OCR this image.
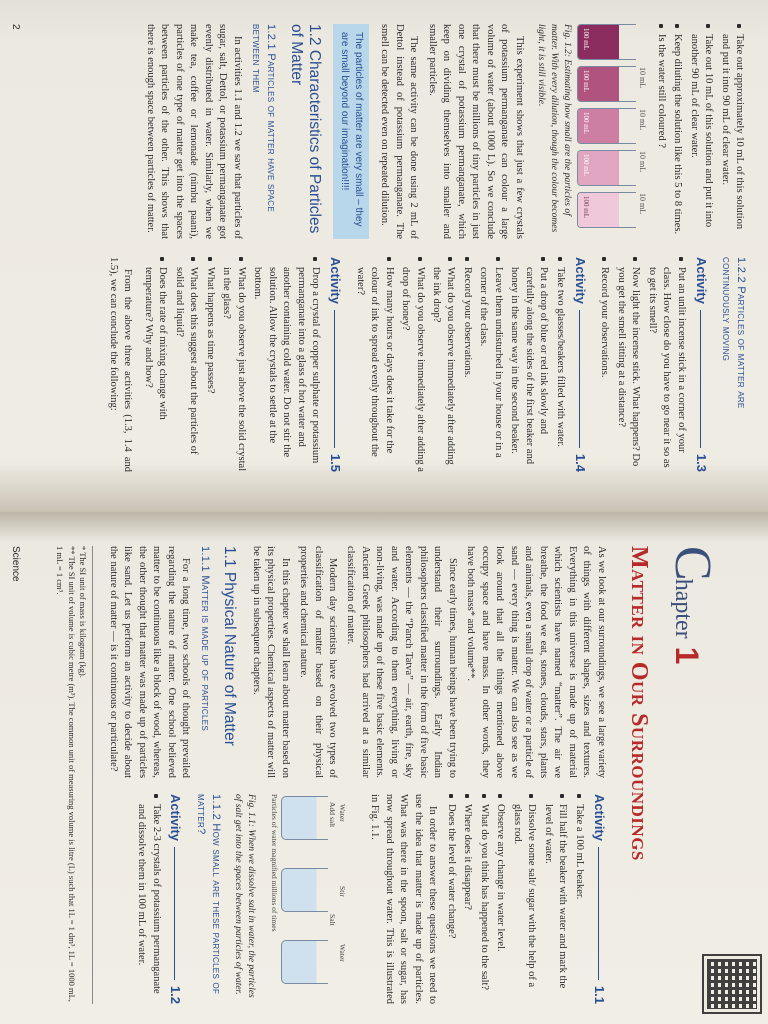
Take out approximately 10 mL of this solution and put it into 90 mL of clear water.
Take out 10 mL of this solution and put it into another 90 mL of clear water.
Keep diluting the solution like this 5 to 8 times.
Is the water still coloured ?
100 mL
10 mL
100 mL
10 mL
100 mL
10 mL
100 mL
10 mL
100 mL
Fig. 1.2: Estimating how small are the particles of matter. With every dilution, though the colour becomes light, it is still visible.

This experiment shows that just a few crystals of potassium permanganate can colour a large volume of water (about 1000 L). So we conclude that there must be millions of tiny particles in just one crystal of potassium permanganate, which keep on dividing themselves into smaller and smaller particles.

The same activity can be done using 2 mL of Dettol instead of potassium permanganate. The smell can be detected even on repeated dilution.

The particles of matter are very small – they are small beyond our imagination!!!!
1.2 Characteristics of Particles of Matter
1.2.1 Particles of matter have space between them

In activities 1.1 and 1.2 we saw that particles of sugar, salt, Dettol, or potassium permanganate got evenly distributed in water. Similarly, when we make tea, coffee or lemonade (nimbu paani), particles of one type of matter get into the spaces between particles of the other. This shows that there is enough space between particles of matter.

2
1.2.2 Particles of matter are continuously moving
Activity
1.3
Put an unlit incense stick in a corner of your class. How close do you have to go near it so as to get its smell?
Now light the incense stick. What happens? Do you get the smell sitting at a distance?
Record your observations.
Activity
1.4
Take two glasses/beakers filled with water.
Put a drop of blue or red ink slowly and carefully along the sides of the first beaker and honey in the same way in the second beaker.
Leave them undisturbed in your house or in a corner of the class.
Record your observations.
What do you observe immediately after adding the ink drop?
What do you observe immediately after adding a drop of honey?
How many hours or days does it take for the colour of ink to spread evenly throughout the water?
Activity
1.5
Drop a crystal of copper sulphate or potassium permanganate into a glass of hot water and another containing cold water. Do not stir the solution. Allow the crystals to settle at the bottom.
What do you observe just above the solid crystal in the glass?
What happens as time passes?
What does this suggest about the particles of solid and liquid?
Does the rate of mixing change with temperature? Why and how?

From the above three activities (1.3, 1.4 and 1.5), we can conclude the following:

C
hapter
1
Matter in Our Surroundings

As we look at our surroundings, we see a large variety of things with different shapes, sizes and textures. Everything in this universe is made up of material which scientists have named “matter”. The air we breathe, the food we eat, stones, clouds, stars, plants and animals, even a small drop of water or a particle of sand — every thing is matter. We can also see as we look around that all the things mentioned above occupy space and have mass. In other words, they have both mass* and volume**.

Since early times, human beings have been trying to understand their surroundings. Early Indian philosophers classified matter in the form of five basic elements — the “Panch Tatva” — air, earth, fire, sky and water. According to them everything, living or non-living, was made up of these five basic elements. Ancient Greek philosophers had arrived at a similar classification of matter.

Modern day scientists have evolved two types of classification of matter based on their physical properties and chemical nature.

In this chapter we shall learn about matter based on its physical properties. Chemical aspects of matter will be taken up in subsequent chapters.

1.1 Physical Nature of Matter
1.1.1 Matter is made up of particles

For a long time, two schools of thought prevailed regarding the nature of matter. One school believed matter to be continuous like a block of wood, whereas, the other thought that matter was made up of particles like sand. Let us perform an activity to decide about the nature of matter — is it continuous or particulate?

Activity
1.1
Take a 100 mL beaker.
Fill half the beaker with water and mark the level of water.
Dissolve some salt/ sugar with the help of a glass rod.
Observe any change in water level.
What do you think has happened to the salt?
Where does it disappear?
Does the level of water change?

In order to answer these questions we need to use the idea that matter is made up of particles. What was there in the spoon, salt or sugar, has now spread throughout water. This is illustrated in Fig. 1.1.

Water
Add salt
Stir
Salt
Water
Particles of water magnified millions of times
Fig. 1.1: When we dissolve salt in water, the particles of salt get into the spaces between particles of water.
1.1.2 How small are these particles of matter?
Activity
1.2
Take 2-3 crystals of potassium permanganate and dissolve them in 100 mL of water.
* The SI unit of mass is kilogram (kg).
** The SI unit of volume is cubic metre (m³). The common unit of measuring volume is litre (L) such that 1L = 1 dm³, 1L = 1000 mL, 1 mL = 1 cm³.
Science
